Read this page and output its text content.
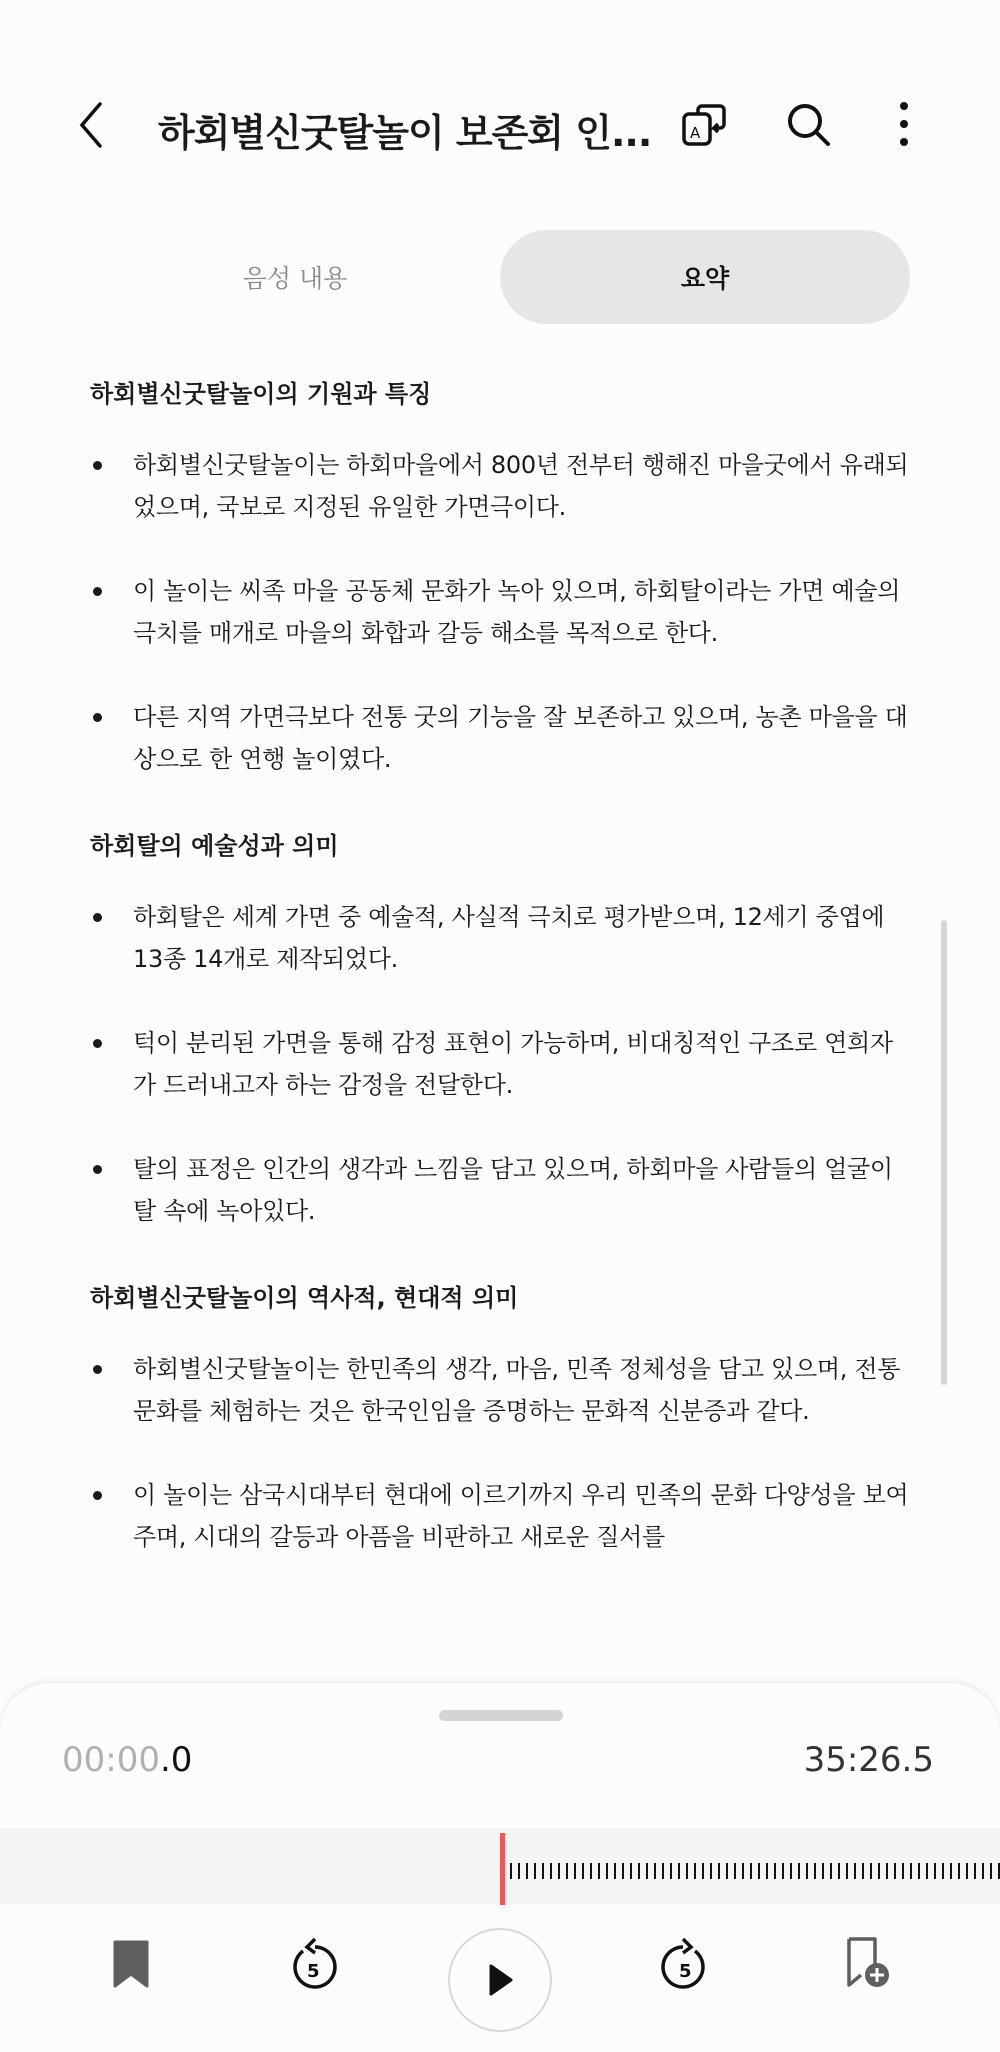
하회별신굿탈놀이 보존회 인...	A
음성 내용	요약
하회별신굿탈놀이의 기원과 특징
하회별신굿탈놀이는 하회마을에서 800년 전부터 행해진 마을굿에서 유래되었으며, 국보로 지정된 유일한 가면극이다.
이 놀이는 씨족 마을 공동체 문화가 녹아 있으며, 하회탈이라는 가면 예술의 극치를 매개로 마을의 화합과 갈등 해소를 목적으로 한다.
다른 지역 가면극보다 전통 굿의 기능을 잘 보존하고 있으며, 농촌 마을을 대상으로 한 연행 놀이였다.
하회탈의 예술성과 의미
하회탈은 세계 가면 중 예술적, 사실적 극치로 평가받으며, 12세기 중엽에 13종 14개로 제작되었다.
턱이 분리된 가면을 통해 감정 표현이 가능하며, 비대칭적인 구조로 연희자가 드러내고자 하는 감정을 전달한다.
탈의 표정은 인간의 생각과 느낌을 담고 있으며, 하회마을 사람들의 얼굴이 탈 속에 녹아있다.
하회별신굿탈놀이의 역사적, 현대적 의미
하회별신굿탈놀이는 한민족의 생각, 마음, 민족 정체성을 담고 있으며, 전통 문화를 체험하는 것은 한국인임을 증명하는 문화적 신분증과 같다.
이 놀이는 삼국시대부터 현대에 이르기까지 우리 민족의 문화 다양성을 보여주며, 시대의 갈등과 아픔을 비판하고 새로운 질서를
00:00.0	35:26.5
5	5
